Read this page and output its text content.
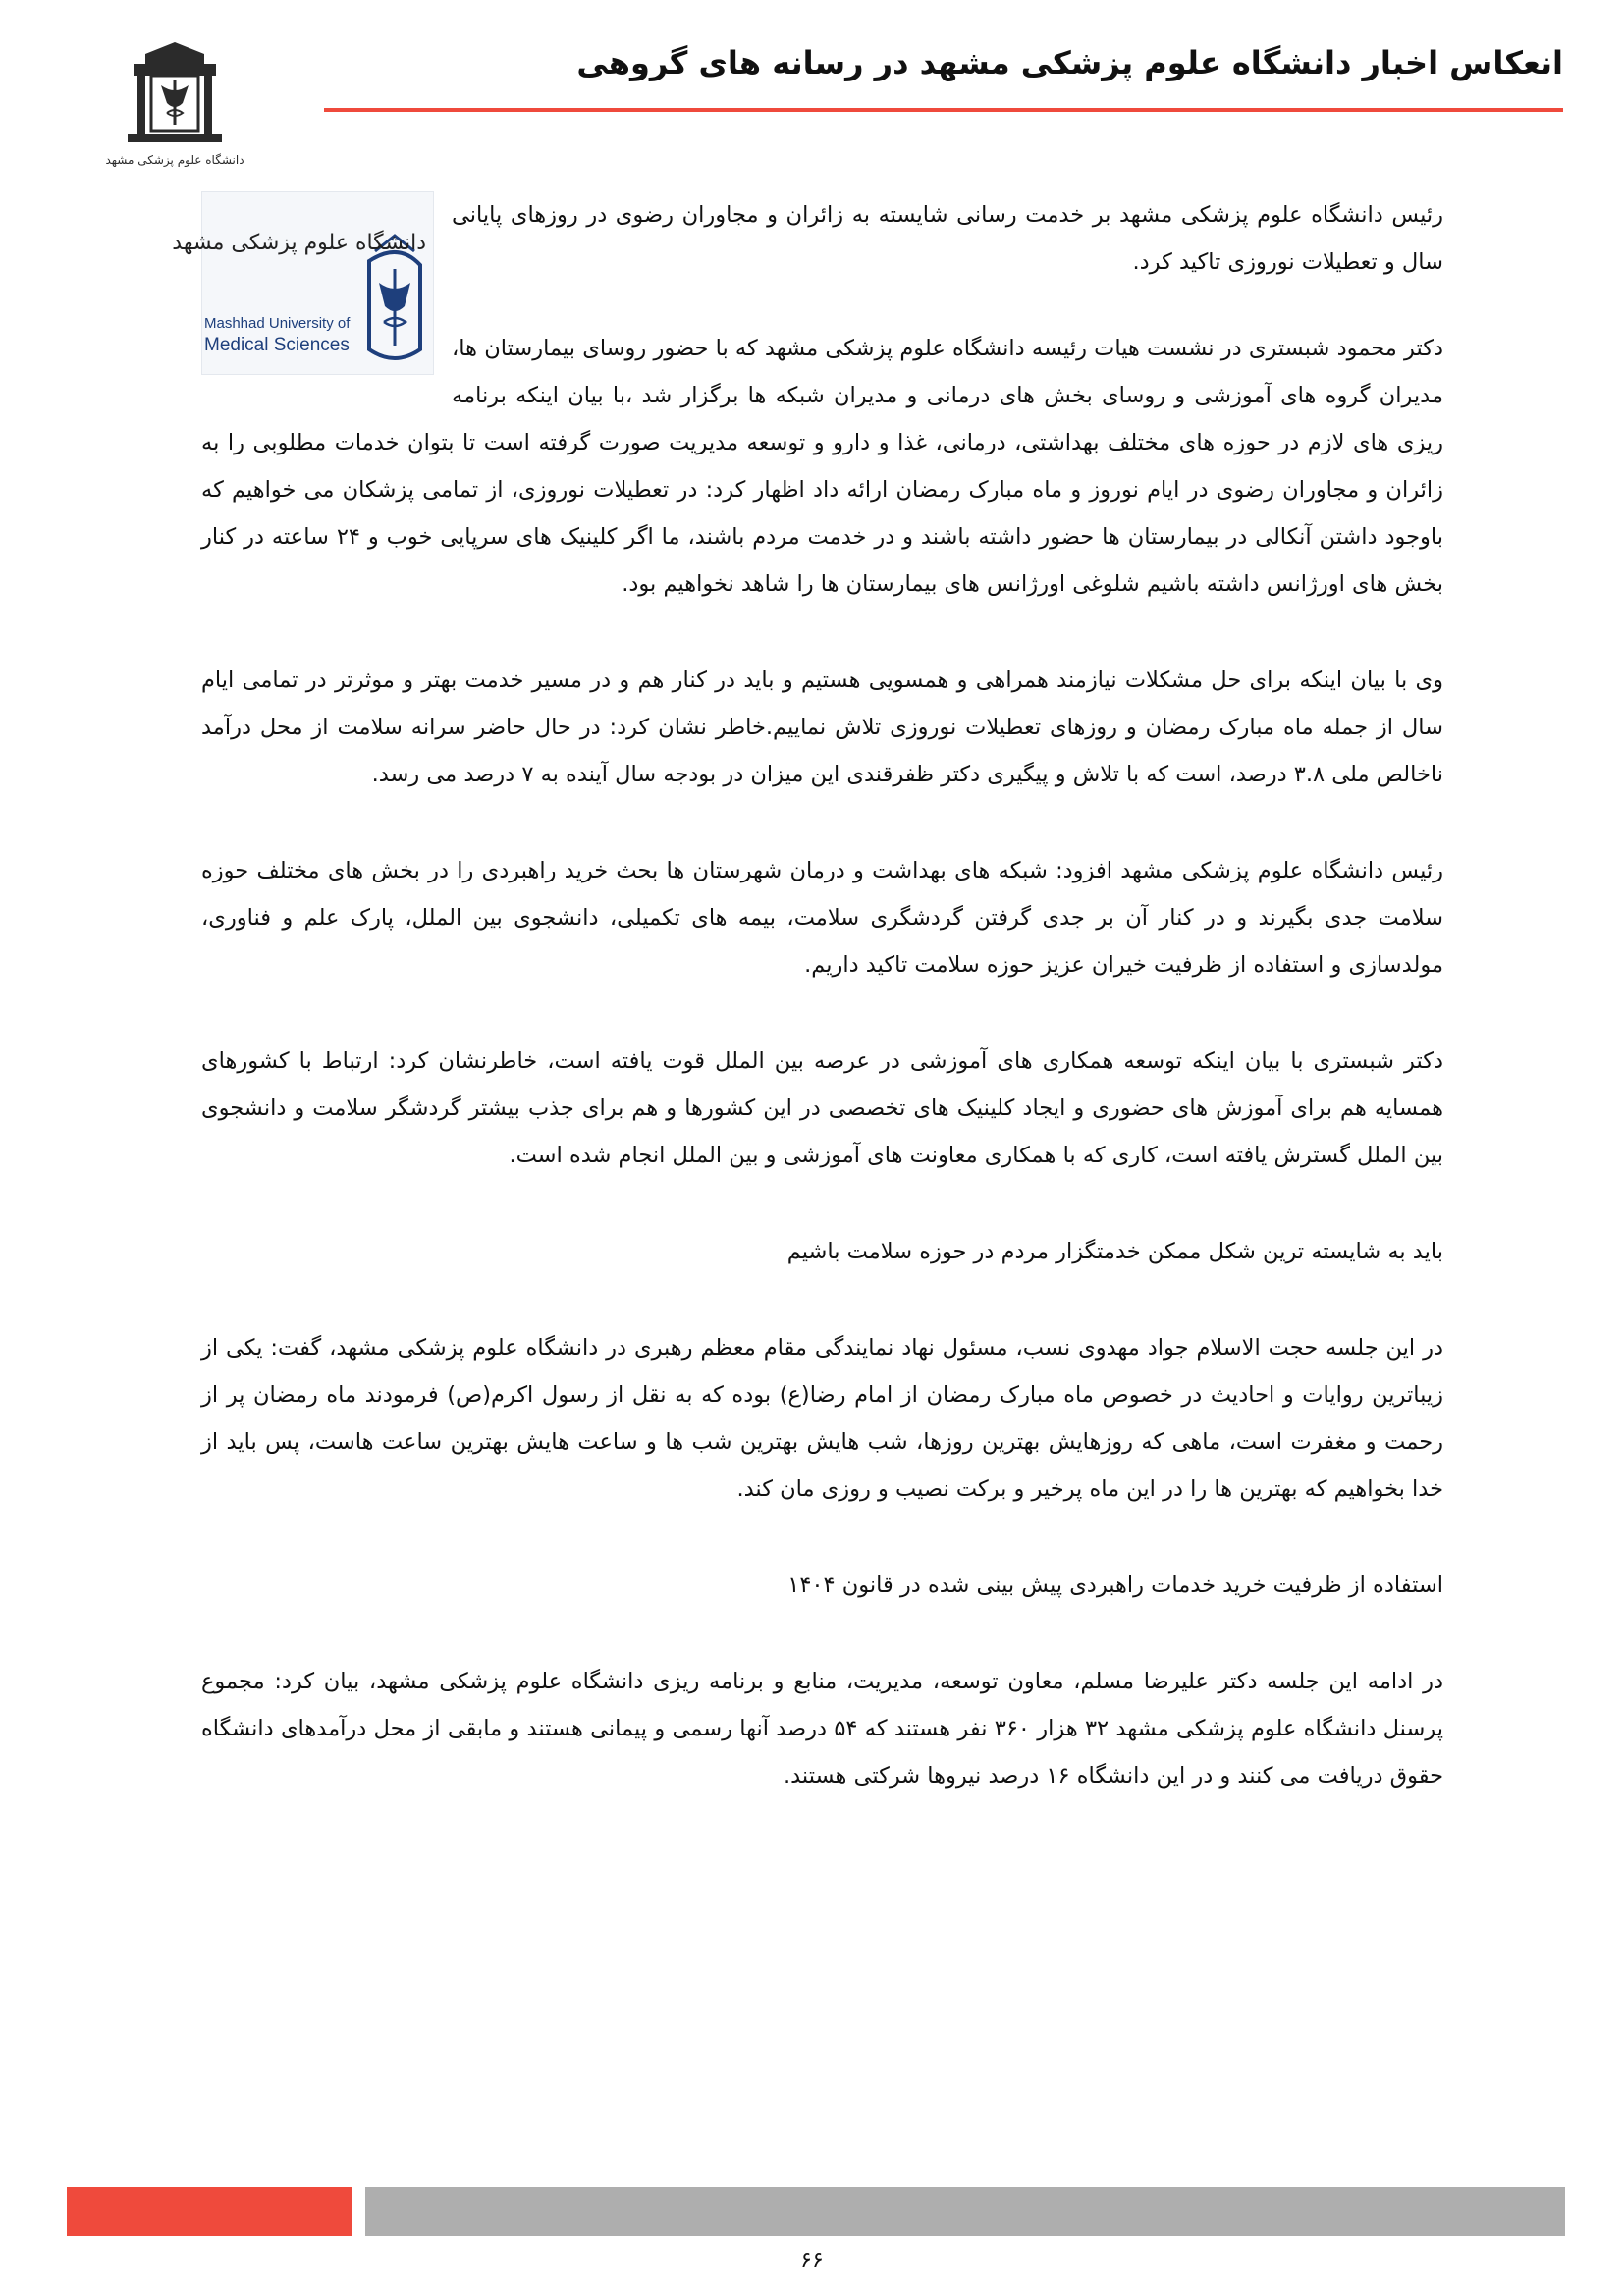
انعکاس اخبار دانشگاه علوم پزشکی مشهد در رسانه های گروهی
دانشگاه علوم پزشکی مشهد
دانشگاه علوم پزشکی مشهد
Mashhad University of
Medical Sciences

رئیس دانشگاه علوم پزشکی مشهد بر خدمت رسانی شایسته به زائران و مجاوران رضوی در روزهای پایانی سال و تعطیلات نوروزی تاکید کرد.

دکتر محمود شبستری در نشست هیات رئیسه دانشگاه علوم پزشکی مشهد که با حضور روسای بیمارستان ها، مدیران گروه های آموزشی و روسای بخش های درمانی و مدیران شبکه ها برگزار شد ،با بیان اینکه برنامه ریزی های لازم در حوزه های مختلف بهداشتی، درمانی، غذا و دارو و توسعه مدیریت صورت گرفته است تا بتوان خدمات مطلوبی را به زائران و مجاوران رضوی در ایام نوروز و ماه مبارک رمضان ارائه داد اظهار کرد: در تعطیلات نوروزی، از تمامی پزشکان می خواهیم که باوجود داشتن آنکالی در بیمارستان ها حضور داشته باشند و در خدمت مردم باشند، ما اگر کلینیک های سرپایی خوب و ۲۴ ساعته در کنار بخش های اورژانس داشته باشیم شلوغی اورژانس های بیمارستان ها را شاهد نخواهیم بود.

وی با بیان اینکه برای حل مشکلات نیازمند همراهی و همسویی هستیم و باید در کنار هم و در مسیر خدمت بهتر و موثرتر در تمامی ایام سال از جمله ماه مبارک رمضان و روزهای تعطیلات نوروزی تلاش نماییم.خاطر نشان کرد: در حال حاضر سرانه سلامت از محل درآمد ناخالص ملی ۳.۸ درصد، است که با تلاش و پیگیری دکتر ظفرقندی این میزان در بودجه سال آینده به ۷ درصد می رسد.

رئیس دانشگاه علوم پزشکی مشهد افزود: شبکه های بهداشت و درمان شهرستان ها بحث خرید راهبردی را در بخش های مختلف حوزه سلامت جدی بگیرند و در کنار آن بر جدی گرفتن گردشگری سلامت، بیمه های تکمیلی، دانشجوی بین الملل، پارک علم و فناوری، مولدسازی و استفاده از ظرفیت خیران عزیز حوزه سلامت تاکید داریم.

دکتر شبستری با بیان اینکه توسعه همکاری های آموزشی در عرصه بین الملل قوت یافته است، خاطرنشان کرد: ارتباط با کشورهای همسایه هم برای آموزش های حضوری و ایجاد کلینیک های تخصصی در این کشورها و هم برای جذب بیشتر گردشگر سلامت و دانشجوی بین الملل گسترش یافته است، کاری که با همکاری معاونت های آموزشی و بین الملل انجام شده است.

باید به شایسته ترین شکل ممکن خدمتگزار مردم در حوزه سلامت باشیم

در این جلسه حجت الاسلام جواد مهدوی نسب، مسئول نهاد نمایندگی مقام معظم رهبری در دانشگاه علوم پزشکی مشهد، گفت: یکی از زیباترین روایات و احادیث در خصوص ماه مبارک رمضان از امام رضا(ع) بوده که به نقل از رسول اکرم(ص) فرمودند ماه رمضان پر از رحمت و مغفرت است، ماهی که روزهایش بهترین روزها، شب هایش بهترین شب ها و ساعت هایش بهترین ساعت هاست، پس باید از خدا بخواهیم که بهترین ها را در این ماه پرخیر و برکت نصیب و روزی مان کند.

استفاده از ظرفیت خرید خدمات راهبردی پیش بینی شده در قانون ۱۴۰۴

در ادامه این جلسه دکتر علیرضا مسلم، معاون توسعه، مدیریت، منابع و برنامه ریزی دانشگاه علوم پزشکی مشهد، بیان کرد: مجموع پرسنل دانشگاه علوم پزشکی مشهد ۳۲ هزار ۳۶۰ نفر هستند که ۵۴ درصد آنها رسمی و پیمانی هستند و مابقی از محل درآمدهای دانشگاه حقوق دریافت می کنند و در این دانشگاه ۱۶ درصد نیروها شرکتی هستند.

۶۶
